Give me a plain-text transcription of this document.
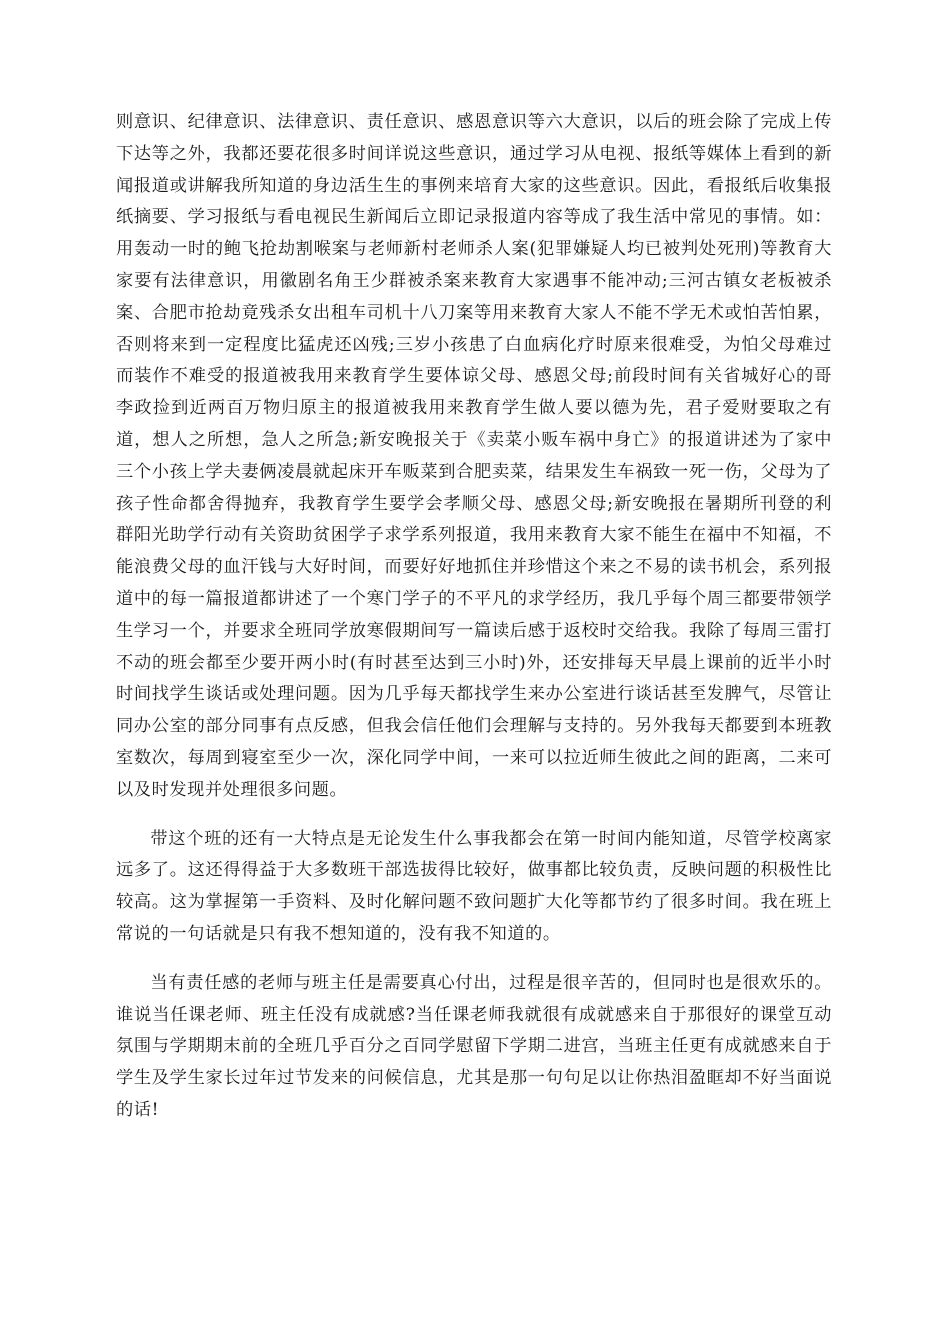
则意识、纪律意识、法律意识、责任意识、感恩意识等六大意识，以后的班会除了完成上传下达等之外，我都还要花很多时间详说这些意识，通过学习从电视、报纸等媒体上看到的新闻报道或讲解我所知道的身边活生生的事例来培育大家的这些意识。因此，看报纸后收集报纸摘要、学习报纸与看电视民生新闻后立即记录报道内容等成了我生活中常见的事情。如：用轰动一时的鲍飞抢劫割喉案与老师新村老师杀人案(犯罪嫌疑人均已被判处死刑)等教育大家要有法律意识，用徽剧名角王少群被杀案来教育大家遇事不能冲动;三河古镇女老板被杀案、合肥市抢劫竟残杀女出租车司机十八刀案等用来教育大家人不能不学无术或怕苦怕累，否则将来到一定程度比猛虎还凶残;三岁小孩患了白血病化疗时原来很难受，为怕父母难过而装作不难受的报道被我用来教育学生要体谅父母、感恩父母;前段时间有关省城好心的哥李政捡到近两百万物归原主的报道被我用来教育学生做人要以德为先，君子爱财要取之有道，想人之所想，急人之所急;新安晚报关于《卖菜小贩车祸中身亡》的报道讲述为了家中三个小孩上学夫妻俩凌晨就起床开车贩菜到合肥卖菜，结果发生车祸致一死一伤，父母为了孩子性命都舍得抛弃，我教育学生要学会孝顺父母、感恩父母;新安晚报在暑期所刊登的利群阳光助学行动有关资助贫困学子求学系列报道，我用来教育大家不能生在福中不知福，不能浪费父母的血汗钱与大好时间，而要好好地抓住并珍惜这个来之不易的读书机会，系列报道中的每一篇报道都讲述了一个寒门学子的不平凡的求学经历，我几乎每个周三都要带领学生学习一个，并要求全班同学放寒假期间写一篇读后感于返校时交给我。我除了每周三雷打不动的班会都至少要开两小时(有时甚至达到三小时)外，还安排每天早晨上课前的近半小时时间找学生谈话或处理问题。因为几乎每天都找学生来办公室进行谈话甚至发脾气，尽管让同办公室的部分同事有点反感，但我会信任他们会理解与支持的。另外我每天都要到本班教室数次，每周到寝室至少一次，深化同学中间，一来可以拉近师生彼此之间的距离，二来可以及时发现并处理很多问题。

带这个班的还有一大特点是无论发生什么事我都会在第一时间内能知道，尽管学校离家远多了。这还得得益于大多数班干部选拔得比较好，做事都比较负责，反映问题的积极性比较高。这为掌握第一手资料、及时化解问题不致问题扩大化等都节约了很多时间。我在班上常说的一句话就是只有我不想知道的，没有我不知道的。

当有责任感的老师与班主任是需要真心付出，过程是很辛苦的，但同时也是很欢乐的。谁说当任课老师、班主任没有成就感?当任课老师我就很有成就感来自于那很好的课堂互动氛围与学期期末前的全班几乎百分之百同学慰留下学期二进宫，当班主任更有成就感来自于学生及学生家长过年过节发来的问候信息，尤其是那一句句足以让你热泪盈眶却不好当面说的话!
